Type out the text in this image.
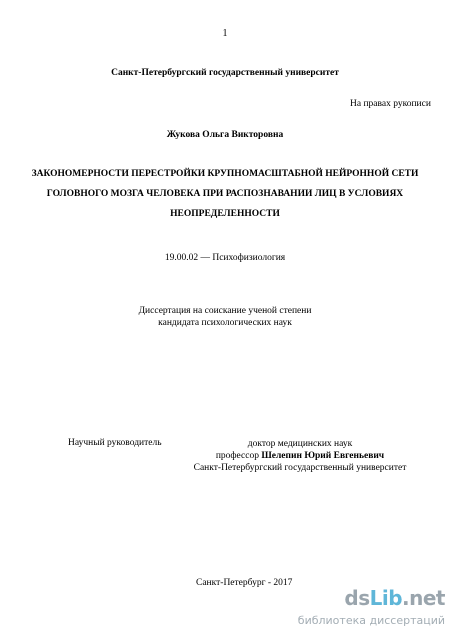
1
Санкт-Петербургский государственный университет
На правах рукописи
Жукова Ольга Викторовна
ЗАКОНОМЕРНОСТИ ПЕРЕСТРОЙКИ КРУПНОМАСШТАБНОЙ НЕЙРОННОЙ СЕТИ
ГОЛОВНОГО МОЗГА ЧЕЛОВЕКА ПРИ РАСПОЗНАВАНИИ ЛИЦ В УСЛОВИЯХ
НЕОПРЕДЕЛЕННОСТИ
19.00.02 — Психофизиология
Диссертация на соискание ученой степени
кандидата психологических наук
Научный руководитель	доктор медицинских наук
профессор Шелепин Юрий Евгеньевич
Санкт-Петербургский государственный университет
Санкт-Петербург - 2017
dsLib.net
библиотека диссертаций
